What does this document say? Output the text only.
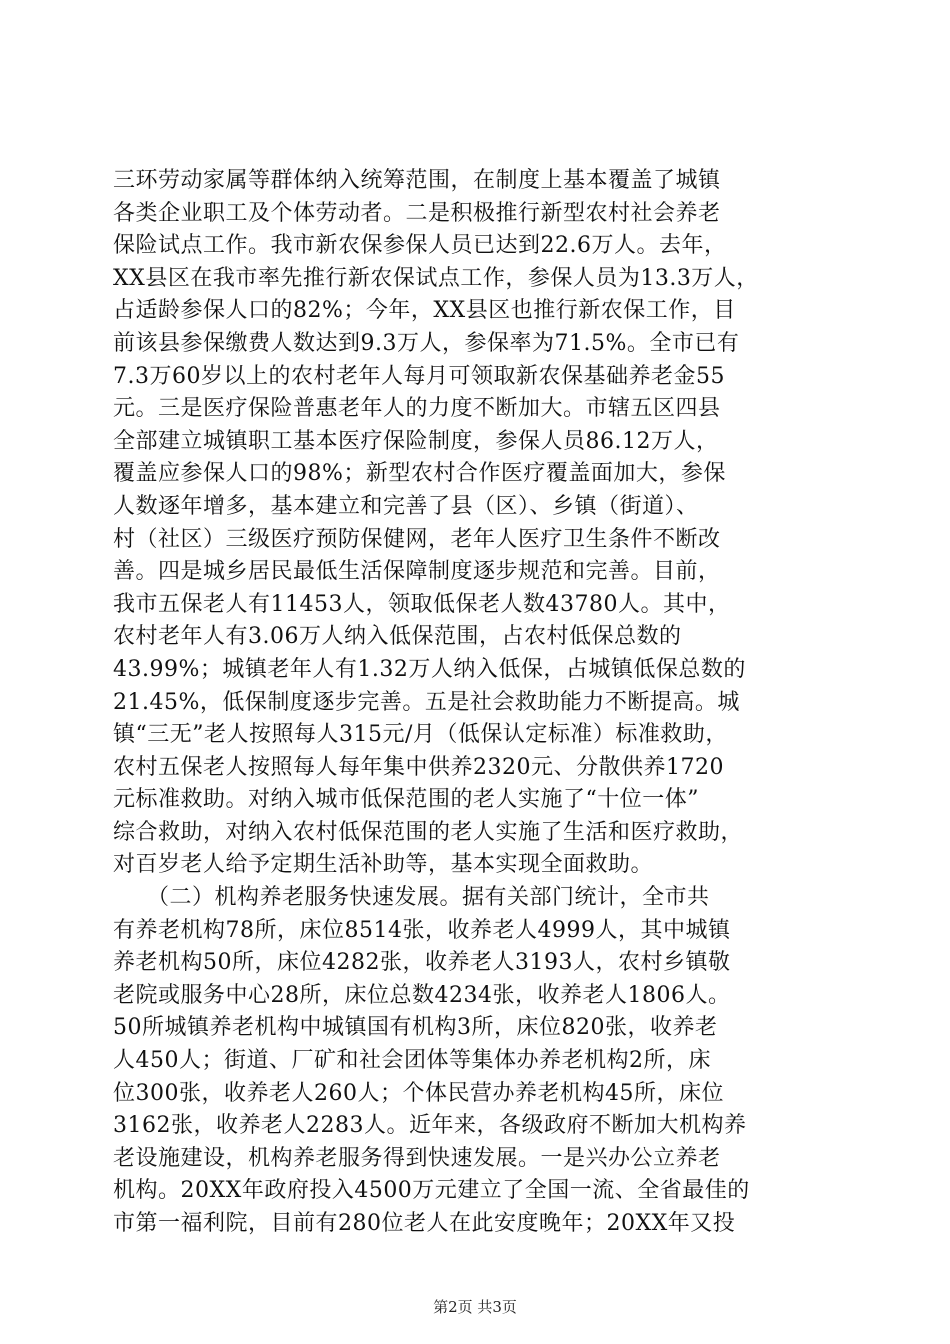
三环劳动家属等群体纳入统筹范围，在制度上基本覆盖了城镇
各类企业职工及个体劳动者。二是积极推行新型农村社会养老
保险试点工作。我市新农保参保人员已达到22.6万人。去年，
XX县区在我市率先推行新农保试点工作，参保人员为13.3万人，
占适龄参保人口的82%；今年，XX县区也推行新农保工作，目
前该县参保缴费人数达到9.3万人，参保率为71.5%。全市已有
7.3万60岁以上的农村老年人每月可领取新农保基础养老金55
元。三是医疗保险普惠老年人的力度不断加大。市辖五区四县
全部建立城镇职工基本医疗保险制度，参保人员86.12万人，
覆盖应参保人口的98%；新型农村合作医疗覆盖面加大，参保
人数逐年增多，基本建立和完善了县（区）、乡镇（街道）、
村（社区）三级医疗预防保健网，老年人医疗卫生条件不断改
善。四是城乡居民最低生活保障制度逐步规范和完善。目前，
我市五保老人有11453人，领取低保老人数43780人。其中，
农村老年人有3.06万人纳入低保范围，占农村低保总数的
43.99%；城镇老年人有1.32万人纳入低保，占城镇低保总数的
21.45%，低保制度逐步完善。五是社会救助能力不断提高。城
镇“三无”老人按照每人315元/月（低保认定标准）标准救助，
农村五保老人按照每人每年集中供养2320元、分散供养1720
元标准救助。对纳入城市低保范围的老人实施了“十位一体”
综合救助，对纳入农村低保范围的老人实施了生活和医疗救助，
对百岁老人给予定期生活补助等，基本实现全面救助。
　　（二）机构养老服务快速发展。据有关部门统计，全市共
有养老机构78所，床位8514张，收养老人4999人，其中城镇
养老机构50所，床位4282张，收养老人3193人，农村乡镇敬
老院或服务中心28所，床位总数4234张，收养老人1806人。
50所城镇养老机构中城镇国有机构3所，床位820张，收养老
人450人；街道、厂矿和社会团体等集体办养老机构2所，床
位300张，收养老人260人；个体民营办养老机构45所，床位
3162张，收养老人2283人。近年来，各级政府不断加大机构养
老设施建设，机构养老服务得到快速发展。一是兴办公立养老
机构。20XX年政府投入4500万元建立了全国一流、全省最佳的
市第一福利院，目前有280位老人在此安度晚年；20XX年又投
第2页 共3页
